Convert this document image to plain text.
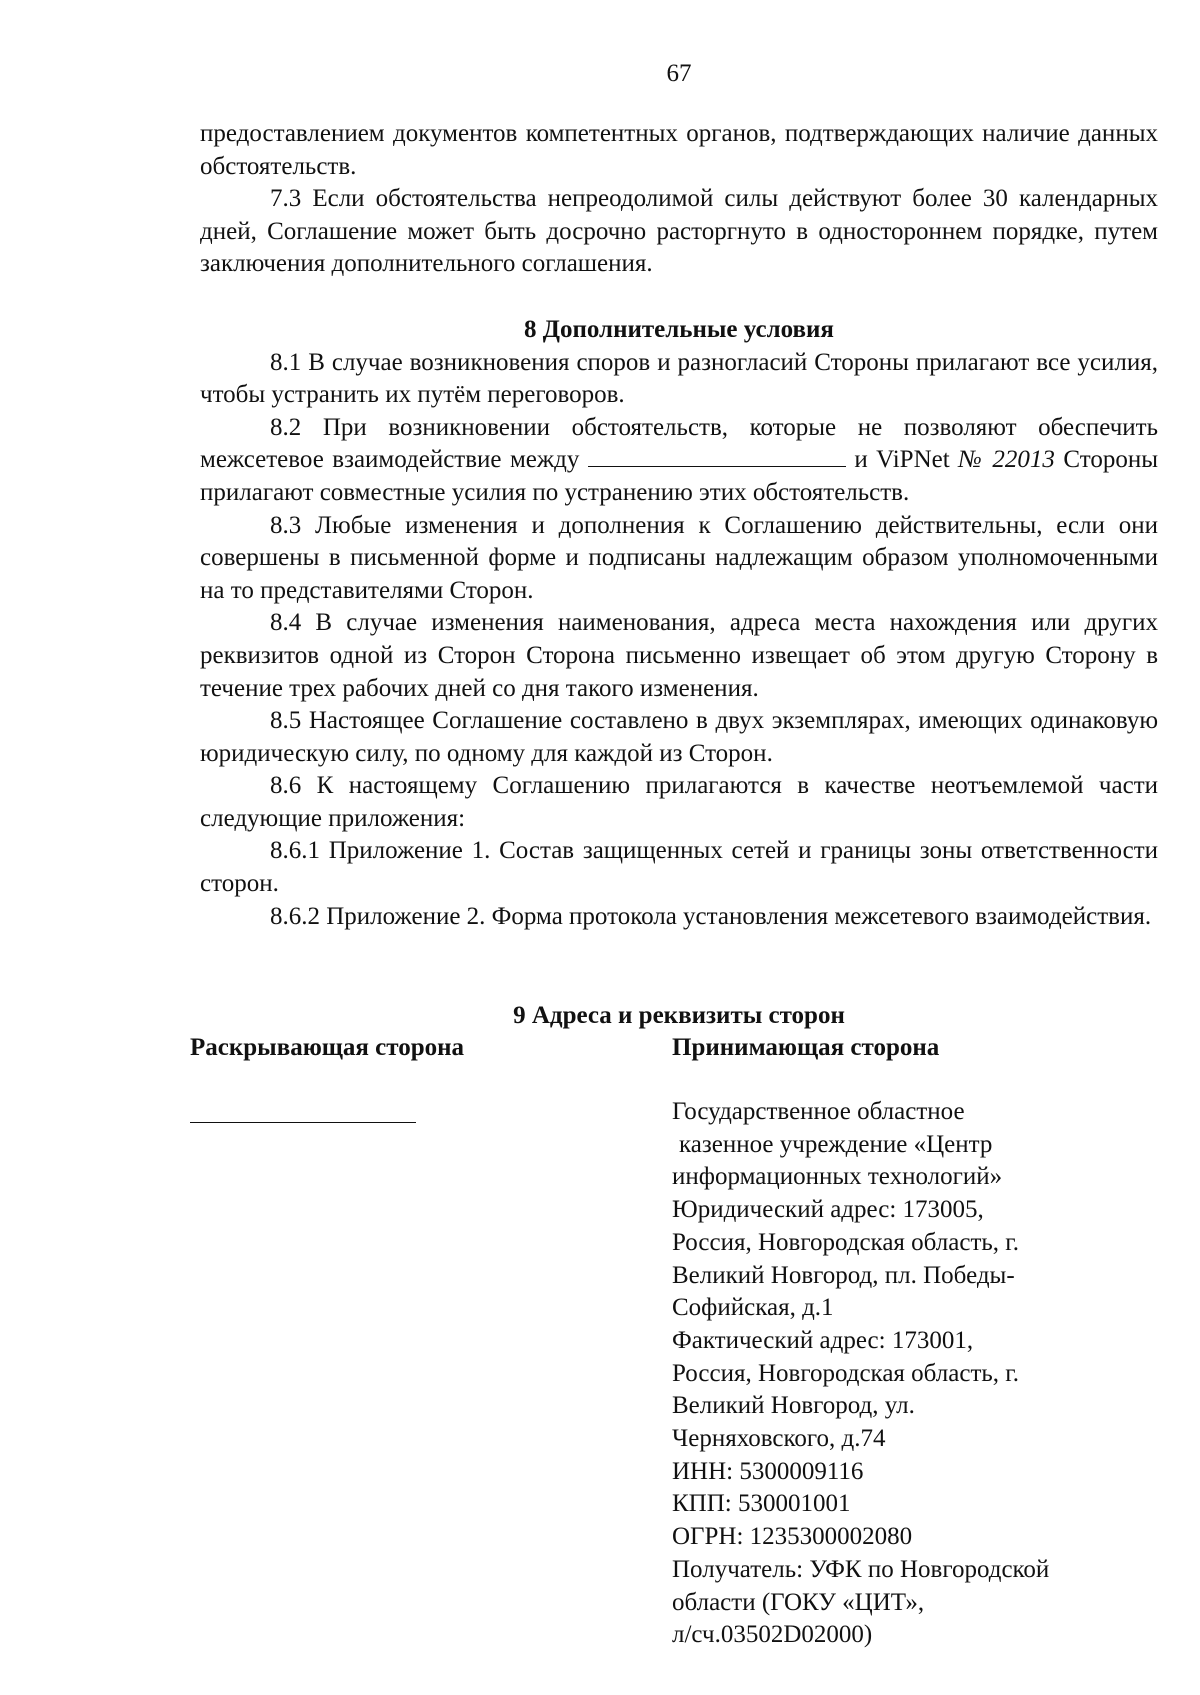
67

предоставлением документов компетентных органов, подтверждающих наличие данных обстоятельств.

7.3 Если обстоятельства непреодолимой силы действуют более 30 календарных дней, Соглашение может быть досрочно расторгнуто в одностороннем порядке, путем заключения дополнительного соглашения.

8 Дополнительные условия

8.1 В случае возникновения споров и разногласий Стороны прилагают все усилия, чтобы устранить их путём переговоров.

8.2 При возникновении обстоятельств, которые не позволяют обеспечить межсетевое взаимодействие между	и ViPNet № 22013 Стороны прилагают совместные усилия по устранению этих обстоятельств.

8.3 Любые изменения и дополнения к Соглашению действительны, если они совершены в письменной форме и подписаны надлежащим образом уполномоченными на то представителями Сторон.

8.4 В случае изменения наименования, адреса места нахождения или других реквизитов одной из Сторон Сторона письменно извещает об этом другую Сторону в течение трех рабочих дней со дня такого изменения.

8.5 Настоящее Соглашение составлено в двух экземплярах, имеющих одинаковую юридическую силу, по одному для каждой из Сторон.

8.6 К настоящему Соглашению прилагаются в качестве неотъемлемой части следующие приложения:

8.6.1 Приложение 1. Состав защищенных сетей и границы зоны ответственности сторон.

8.6.2 Приложение 2. Форма протокола установления межсетевого взаимодействия.

9 Адреса и реквизиты сторон
Раскрывающая сторона	Принимающая сторона
Государственное областное
казенное учреждение «Центр
информационных технологий»
Юридический адрес: 173005,
Россия, Новгородская область, г.
Великий Новгород, пл. Победы-
Софийская, д.1
Фактический адрес: 173001,
Россия, Новгородская область, г.
Великий Новгород, ул.
Черняховского, д.74
ИНН: 5300009116
КПП: 530001001
ОГРН: 1235300002080
Получатель: УФК по Новгородской
области (ГОКУ «ЦИТ»,
л/сч.03502D02000)
